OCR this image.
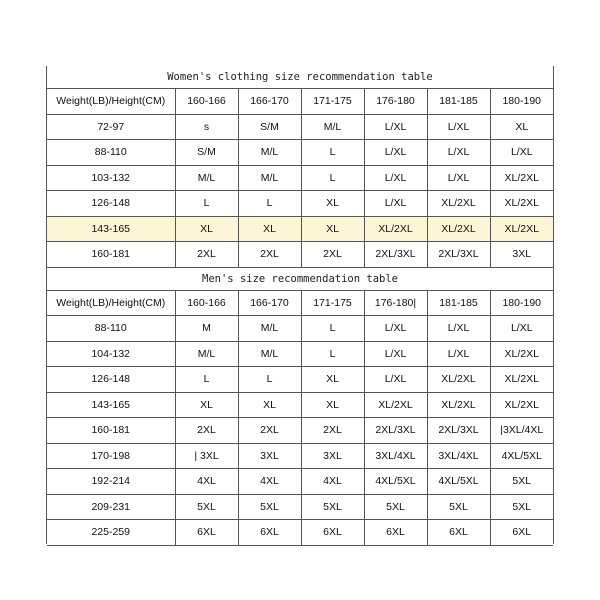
Women's clothing size recommendation table
Weight(LB)/Height(CM)	160-166	166-170	171-175	176-180	181-185	180-190
72-97	s	S/M	M/L	L/XL	L/XL	XL
88-110	S/M	M/L	L	L/XL	L/XL	L/XL
103-132	M/L	M/L	L	L/XL	L/XL	XL/2XL
126-148	L	L	XL	L/XL	XL/2XL	XL/2XL
143-165	XL	XL	XL	XL/2XL	XL/2XL	XL/2XL
160-181	2XL	2XL	2XL	2XL/3XL	2XL/3XL	3XL
Men's size recommendation table
Weight(LB)/Height(CM)	160-166	166-170	171-175	176-180|	181-185	180-190
88-110	M	M/L	L	L/XL	L/XL	L/XL
104-132	M/L	M/L	L	L/XL	L/XL	XL/2XL
126-148	L	L	XL	L/XL	XL/2XL	XL/2XL
143-165	XL	XL	XL	XL/2XL	XL/2XL	XL/2XL
160-181	2XL	2XL	2XL	2XL/3XL	2XL/3XL	|3XL/4XL
170-198	| 3XL	3XL	3XL	3XL/4XL	3XL/4XL	4XL/5XL
192-214	4XL	4XL	4XL	4XL/5XL	4XL/5XL	5XL
209-231	5XL	5XL	5XL	5XL	5XL	5XL
225-259	6XL	6XL	6XL	6XL	6XL	6XL
